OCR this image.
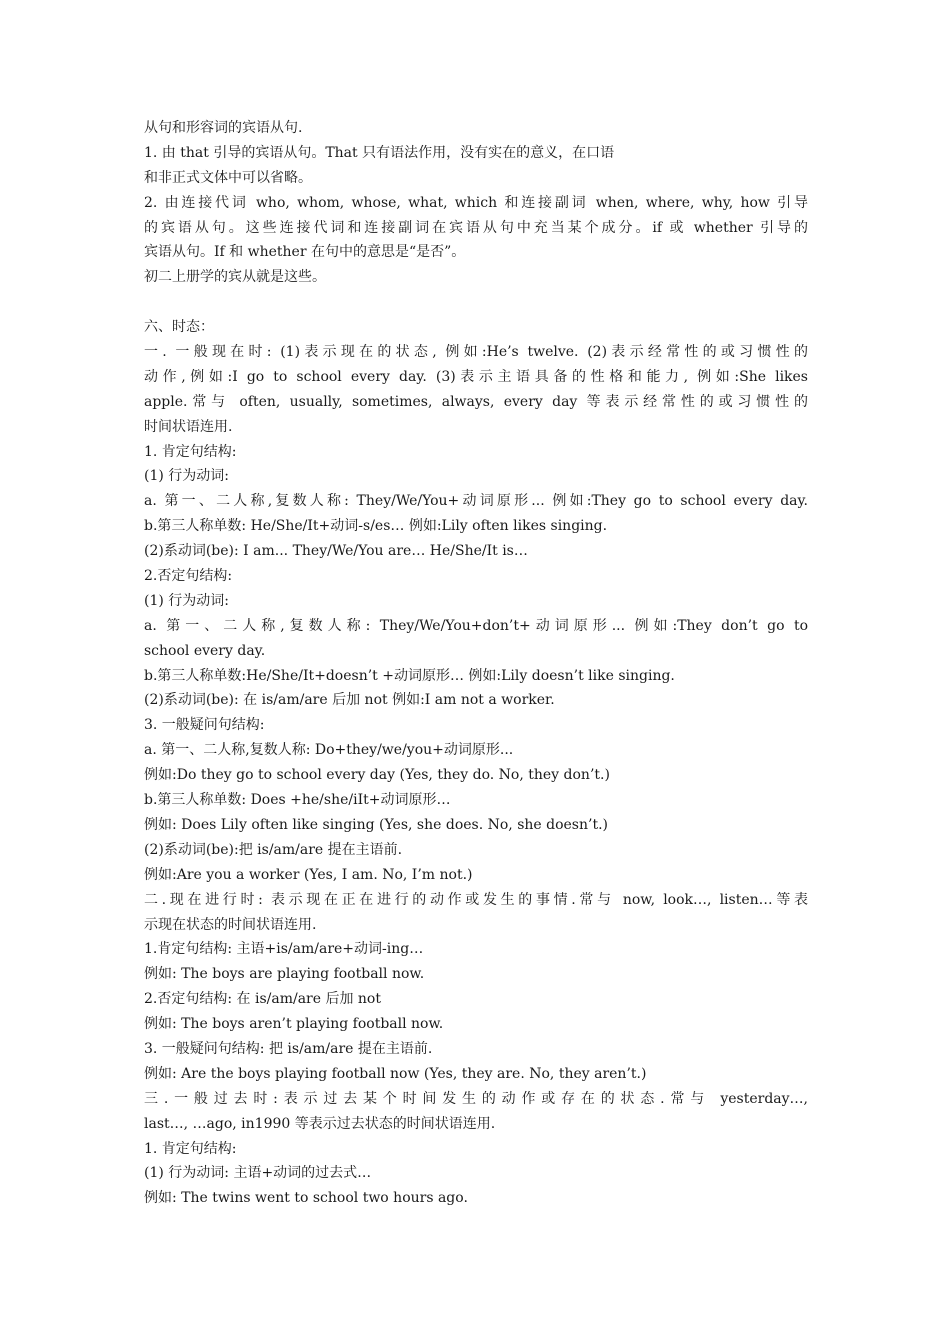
从句和形容词的宾语从句.
1. 由 that 引导的宾语从句。That 只有语法作用，没有实在的意义，在口语
和非正式文体中可以省略。
2. 由连接代词 who, whom, whose, what, which 和连接副词 when, where, why, how 引导
的宾语从句。这些连接代词和连接副词在宾语从句中充当某个成分。if 或 whether 引导的
宾语从句。If 和 whether 在句中的意思是“是否”。
初二上册学的宾从就是这些。
六、时态：
一. 一般现在时: (1)表示现在的状态, 例如:He’s twelve. (2)表示经常性的或习惯性的
动作,例如:I go to school every day. (3)表示主语具备的性格和能力, 例如:She likes
apple.常与 often, usually, sometimes, always, every day 等表示经常性的或习惯性的
时间状语连用.
1. 肯定句结构:
(1) 行为动词:
a. 第一、二人称,复数人称: They/We/You+动词原形... 例如:They go to school every day.
b.第三人称单数: He/She/It+动词-s/es… 例如:Lily often likes singing.
(2)系动词(be): I am... They/We/You are… He/She/It is…
2.否定句结构:
(1) 行为动词:
a. 第一、二人称,复数人称: They/We/You+don’t+动词原形... 例如:They don’t go to
school every day.
b.第三人称单数:He/She/It+doesn’t +动词原形… 例如:Lily doesn’t like singing.
(2)系动词(be): 在 is/am/are 后加 not 例如:I am not a worker.
3. 一般疑问句结构:
a. 第一、二人称,复数人称: Do+they/we/you+动词原形...
例如:Do they go to school every day (Yes, they do. No, they don’t.)
b.第三人称单数: Does +he/she/iIt+动词原形…
例如: Does Lily often like singing (Yes, she does. No, she doesn’t.)
(2)系动词(be):把 is/am/are 提在主语前.
例如:Are you a worker (Yes, I am. No, I’m not.)
二.现在进行时: 表示现在正在进行的动作或发生的事情.常与 now, look…, listen…等表
示现在状态的时间状语连用.
1.肯定句结构: 主语+is/am/are+动词-ing…
例如: The boys are playing football now.
2.否定句结构: 在 is/am/are 后加 not
例如: The boys aren’t playing football now.
3. 一般疑问句结构: 把 is/am/are 提在主语前.
例如: Are the boys playing football now (Yes, they are. No, they aren’t.)
三.一般过去时:表示过去某个时间发生的动作或存在的状态.常与 yesterday…,
last…, …ago, in1990 等表示过去状态的时间状语连用.
1. 肯定句结构:
(1) 行为动词: 主语+动词的过去式…
例如: The twins went to school two hours ago.
